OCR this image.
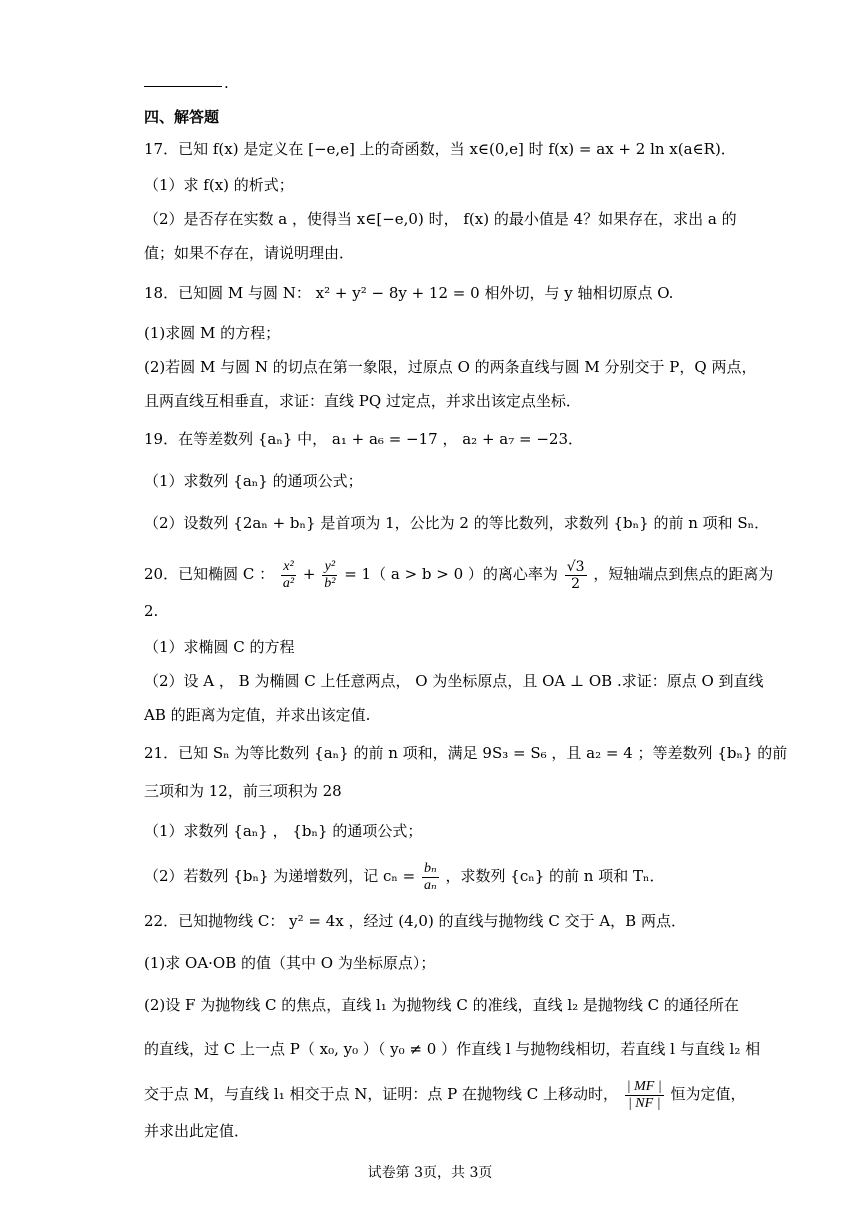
.
四、解答题
17．已知 f(x) 是定义在 [−e,e] 上的奇函数，当 x∈(0,e] 时 f(x) = ax + 2 ln x(a∈R)．
（1）求 f(x) 的析式；
（2）是否存在实数 a ，使得当 x∈[−e,0) 时， f(x) 的最小值是 4？如果存在，求出 a 的
值；如果不存在，请说明理由．
18．已知圆 M 与圆 N： x² + y² − 8y + 12 = 0 相外切，与 y 轴相切原点 O.
(1)求圆 M 的方程；
(2)若圆 M 与圆 N 的切点在第一象限，过原点 O 的两条直线与圆 M 分别交于 P，Q 两点，
且两直线互相垂直，求证：直线 PQ 过定点，并求出该定点坐标．
19．在等差数列 {aₙ} 中， a₁ + a₆ = −17 ， a₂ + a₇ = −23．
（1）求数列 {aₙ} 的通项公式；
（2）设数列 {2aₙ + bₙ} 是首项为 1，公比为 2 的等比数列，求数列 {bₙ} 的前 n 项和 Sₙ．
20．已知椭圆 C ： $\frac{\text{x²}}{\text{a²}} + \frac{\text{y²}}{\text{b²}} = 1$（ a > b > 0 ）的离心率为 $\frac{√3}{2}$ ，短轴端点到焦点的距离为
2.
（1）求椭圆 C 的方程
（2）设 A ， B 为椭圆 C 上任意两点， O 为坐标原点，且 OA ⊥ OB .求证：原点 O 到直线
AB 的距离为定值，并求出该定值.
21．已知 Sₙ 为等比数列 {aₙ} 的前 n 项和，满足 9S₃ = S₆ ，且 a₂ = 4 ；等差数列 {bₙ} 的前
三项和为 12，前三项积为 28
（1）求数列 {aₙ} ， {bₙ} 的通项公式；
（2）若数列 {bₙ} 为递增数列，记 $c_n = \frac{\text{bₙ}}{\text{aₙ}}$ ，求数列 {cₙ} 的前 n 项和 Tₙ．
22．已知抛物线 C： y² = 4x ，经过 (4,0) 的直线与抛物线 C 交于 A，B 两点．
(1)求 OA·OB 的值（其中 O 为坐标原点）；
(2)设 F 为抛物线 C 的焦点，直线 l₁ 为抛物线 C 的准线，直线 l₂ 是抛物线 C 的通径所在
的直线，过 C 上一点 P（ x₀, y₀ ）（ y₀ ≠ 0 ）作直线 l 与抛物线相切，若直线 l 与直线 l₂ 相
交于点 M，与直线 l₁ 相交于点 N，证明：点 P 在抛物线 C 上移动时， $\frac{| MF |}{| NF |}$ 恒为定值，
并求出此定值．
试卷第 3页，共 3页
